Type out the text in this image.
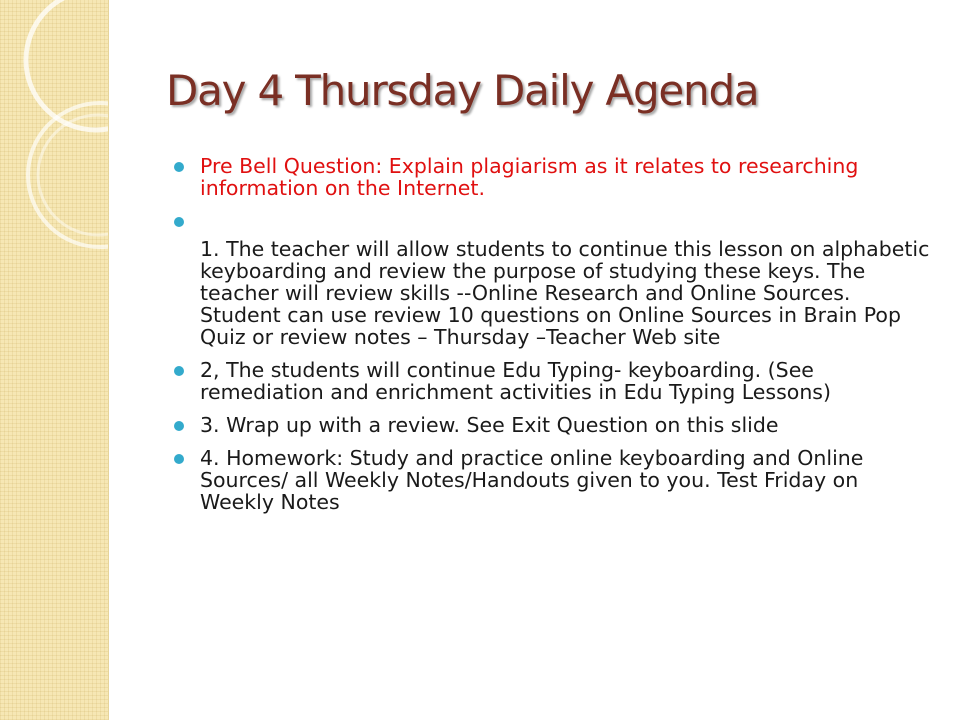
Day 4 Thursday Daily Agenda
Pre Bell Question: Explain plagiarism as it relates to researching information on the Internet.
1. The teacher will allow students to continue this lesson on alphabetic keyboarding and review the purpose of studying these keys. The teacher will review skills --Online Research and Online Sources. Student can use review 10 questions on Online Sources in Brain Pop Quiz or review notes – Thursday –Teacher Web site
2, The students will continue Edu Typing- keyboarding. (See remediation and enrichment activities in Edu Typing Lessons)
3. Wrap up with a review. See Exit Question on this slide
4. Homework: Study and practice online keyboarding and Online Sources/ all Weekly Notes/Handouts given to you. Test Friday on Weekly Notes
